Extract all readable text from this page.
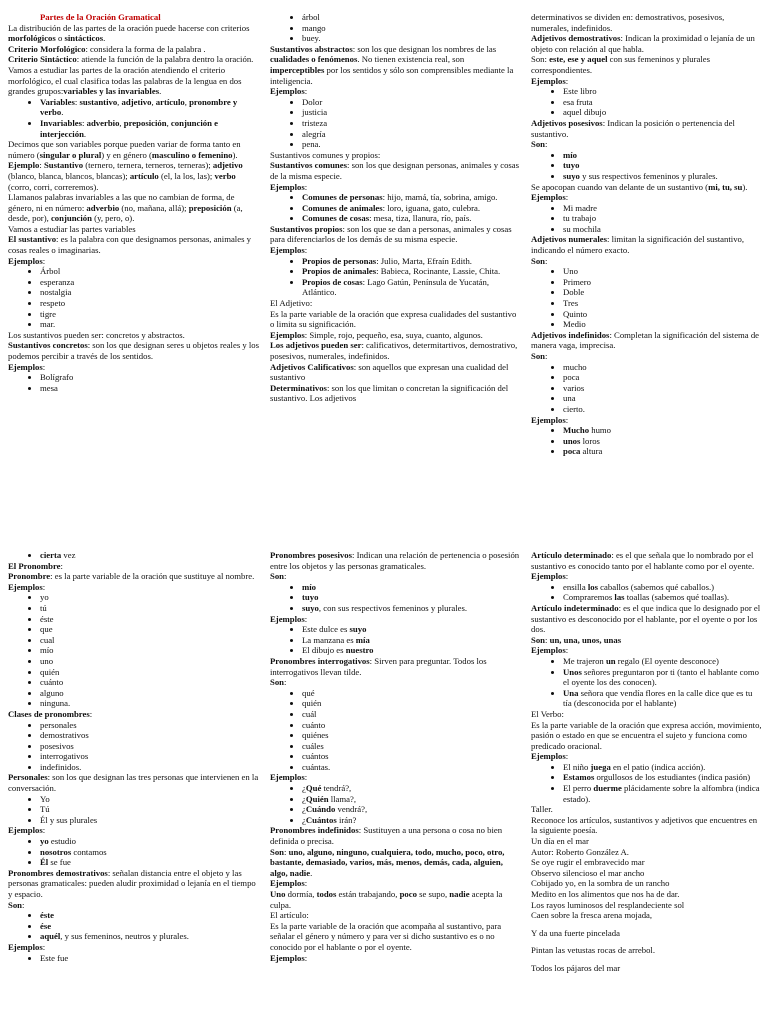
Partes de la Oración Gramatical

La distribución de las partes de la oración puede hacerse con criterios morfológicos o sintácticos.

Criterio Morfológico: considera la forma de la palabra .

Criterio Sintáctico: atiende la función de la palabra dentro la oración.

Vamos a estudiar las partes de la oración atendiendo el criterio morfológico, el cual clasifica todas las palabras de la lengua en dos grandes grupos:variables y las invariables.

• Variables: sustantivo, adjetivo, artículo, pronombre y verbo.
• Invariables: adverbio, preposición, conjunción e interjección.

Decimos que son variables porque pueden variar de forma tanto en número (singular o plural) y en género (masculino o femenino).

Ejemplo: Sustantivo (ternero, ternera, terneros, terneras); adjetivo (blanco, blanca, blancos, blancas); artículo (el, la los, las); verbo (corro, corri, correremos).

Llamanos palabras invariables a las que no cambian de forma, de género, ni en número: adverbio (no, mañana, allá); preposición (a, desde, por), conjunción (y, pero, o).

Vamos a estudiar las partes variables

El sustantivo: es la palabra con que designamos personas, animales y cosas reales o imaginarias.

Ejemplos:

• Árbol
• esperanza
• nostalgia
• respeto
• tigre
• mar.

Los sustantivos pueden ser: concretos y abstractos.

Sustantivos concretos: son los que designan seres u objetos reales y los podemos percibir a través de los sentidos.

Ejemplos:

• Bolígrafo
• mesa
• árbol
• mango
• buey.

Sustantivos abstractos: son los que designan los nombres de las cualidades o fenómenos. No tienen existencia real, son imperceptibles por los sentidos y sólo son comprensibles mediante la inteligencia.

Ejemplos:

• Dolor
• justicia
• tristeza
• alegría
• pena.

Sustantivos comunes y propios:

Sustantivos comunes: son los que designan personas, animales y cosas de la misma especie.

Ejemplos:

• Comunes de personas: hijo, mamá, tía, sobrina, amigo.
• Comunes de animales: loro, iguana, gato, culebra.
• Comunes de cosas: mesa, tiza, llanura, río, país.

Sustantivos propios: son los que se dan a personas, animales y cosas para diferenciarlos de los demás de su misma especie.

Ejemplos:

• Propios de personas: Julio, Marta, Efraín Edith.
• Propios de animales: Babieca, Rocinante, Lassie, Chita.
• Propios de cosas: Lago Gatún, Península de Yucatán, Atlántico.

El Adjetivo:

Es la parte variable de la oración que expresa cualidades del sustantivo o limita su significación.

Ejemplos: Simple, rojo, pequeño, esa, suya, cuanto, algunos.

Los adjetivos pueden ser: calificativos, determitartivos, demostrativo, posesivos, numerales, indefinidos.

Adjetivos Calificativos: son aquellos que expresan una cualidad del sustantivo

Determinativos: son los que limitan o concretan la significación del sustantivo. Los adjetivos

determinativos se dividen en: demostrativos, posesivos, numerales, indefinidos.

Adjetivos demostrativos: Indican la proximidad o lejanía de un objeto con relación al que habla.

Son: este, ese y aquel con sus femeninos y plurales correspondientes.

Ejemplos:

• Este libro
• esa fruta
• aquel dibujo

Adjetivos posesivos: Indican la posición o pertenencia del sustantivo.

Son:

• mío
• tuyo
• suyo y sus respectivos femeninos y plurales.

Se apocopan cuando van delante de un sustantivo (mi, tu, su).

Ejemplos:

• Mi madre
• tu trabajo
• su mochila

Adjetivos numerales: limitan la significación del sustantivo, indicando el número exacto.

Son:

• Uno
• Primero
• Doble
• Tres
• Quinto
• Medio

Adjetivos indefinidos: Completan la significación del sistema de manera vaga, imprecisa.

Son:

• mucho
• poca
• varios
• una
• cierto.

Ejemplos:

• Mucho humo
• unos loros
• poca altura
• cierta vez

El Pronombre:

Pronombre: es la parte variable de la oración que sustituye al nombre.

Ejemplos:

• yo
• tú
• éste
• que
• cual
• mío
• uno
• quién
• cuánto
• alguno
• ninguna.

Clases de pronombres:

• personales
• demostrativos
• posesivos
• interrogativos
• indefinidos.

Personales: son los que designan las tres personas que intervienen en la conversación.

• Yo
• Tú
• Él y sus plurales

Ejemplos:

• yo estudio
• nosotros contamos
• Él se fue

Pronombres demostrativos: señalan distancia entre el objeto y las personas gramaticales: pueden aludir proximidad o lejanía en el tiempo y espacio.

Son:

• éste
• ése
• aquél, y sus femeninos, neutros y plurales.

Ejemplos:

• Este fue

Pronombres posesivos: Indican una relación de pertenencia o posesión entre los objetos y las personas gramaticales.

Son:

• mío
• tuyo
• suyo, con sus respectivos femeninos y plurales.

Ejemplos:

• Este dulce es suyo
• La manzana es mía
• El dibujo es nuestro

Pronombres interrogativos: Sirven para preguntar. Todos los interrogativos llevan tilde.

Son:

• qué
• quién
• cuál
• cuánto
• quiénes
• cuáles
• cuántos
• cuántas.

Ejemplos:

• ¿Qué tendrá?,
• ¿Quién llama?,
• ¿Cuándo vendrá?,
• ¿Cuántos irán?

Pronombres indefinidos: Sustituyen a una persona o cosa no bien definida o precisa.

Son: uno, alguno, ninguno, cualquiera, todo, mucho, poco, otro, bastante, demasiado, varios, más, menos, demás, cada, alguien, algo, nadie.

Ejemplos:

Uno dormía, todos están trabajando, poco se supo, nadie acepta la culpa.

El artículo:

Es la parte variable de la oración que acompaña al sustantivo, para señalar el género y número y para ver si dicho sustantivo es o no conocido por el hablante o por el oyente.

Ejemplos:

Artículo determinado: es el que señala que lo nombrado por el sustantivo es conocido tanto por el hablante como por el oyente.

Ejemplos:

• ensilla los caballos (sabemos qué caballos.)
• Compraremos las toallas (sabemos qué toallas).

Artículo indeterminado: es el que indica que lo designado por el sustantivo es desconocido por el hablante, por el oyente o por los dos.

Son: un, una, unos, unas

Ejemplos:

• Me trajeron un regalo (El oyente desconoce)
• Unos señores preguntaron por ti (tanto el hablante como el oyente los des conocen).
• Una señora que vendía flores en la calle dice que es tu tía (desconocida por el hablante)

El Verbo:

Es la parte variable de la oración que expresa acción, movimiento, pasión o estado en que se encuentra el sujeto y funciona como predicado oracional.

Ejemplos:

• El niño juega en el patio (indica acción).
• Estamos orgullosos de los estudiantes (indica pasión)
• El perro duerme plácidamente sobre la alfombra (indica estado).

Taller.

Reconoce los artículos, sustantivos y adjetivos que encuentres en la siguiente poesía.

Un día en el mar

Autor: Roberto González A.

Se oye rugir el embravecido mar

Observo silencioso el mar ancho

Cobijado yo, en la sombra de un rancho

Medito en los alimentos que nos ha de dar.

Los rayos luminosos del resplandeciente sol

Caen sobre la fresca arena mojada,

Y da una fuerte pincelada

Pintan las vetustas rocas de arrebol.

Todos los pájaros del mar
